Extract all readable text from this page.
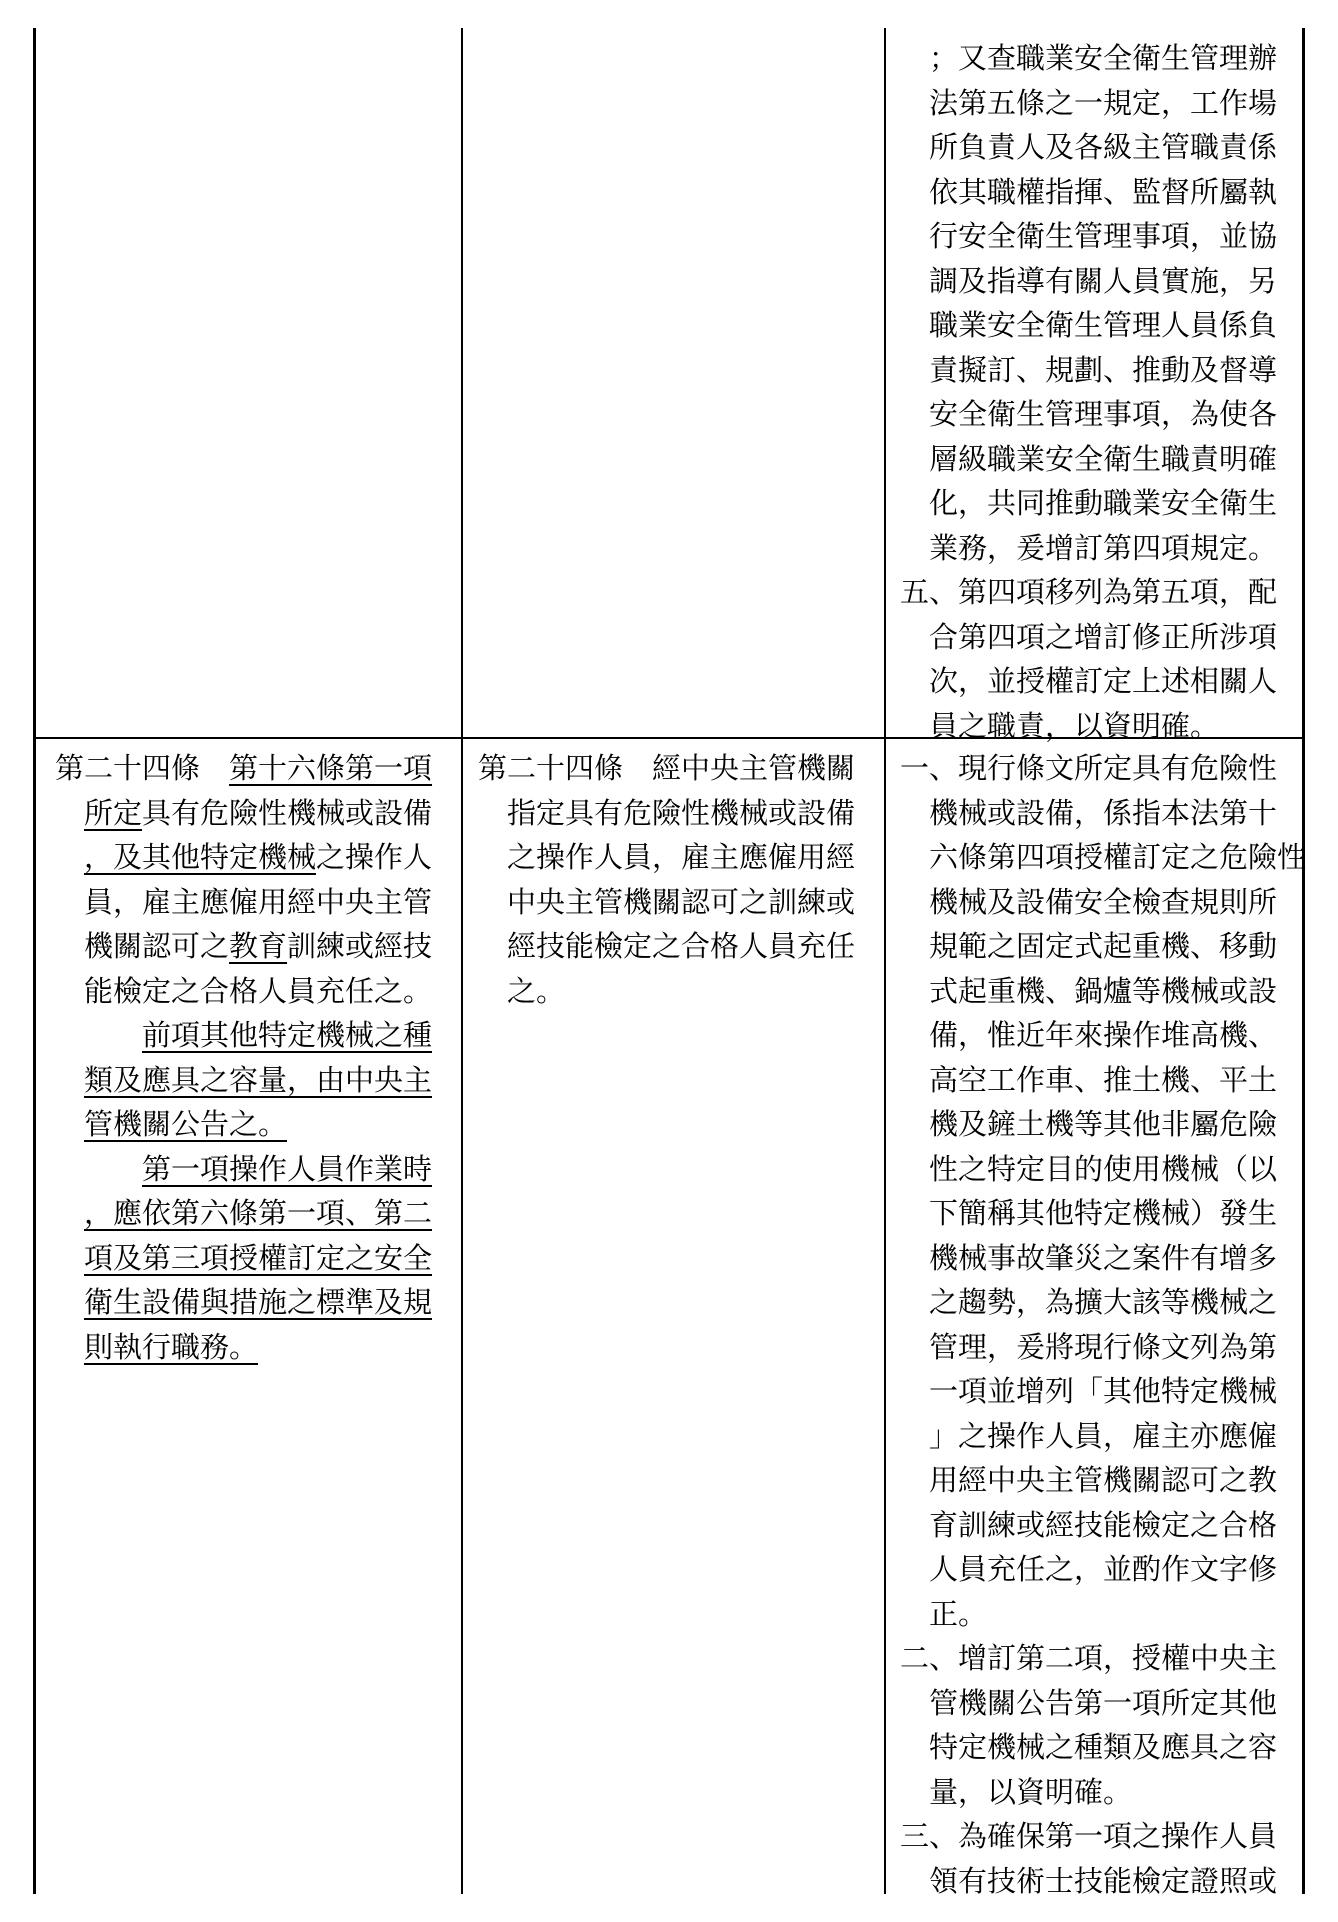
；又查職業安全衛生管理辦
法第五條之一規定，工作場
所負責人及各級主管職責係
依其職權指揮、監督所屬執
行安全衛生管理事項，並協
調及指導有關人員實施，另
職業安全衛生管理人員係負
責擬訂、規劃、推動及督導
安全衛生管理事項，為使各
層級職業安全衛生職責明確
化，共同推動職業安全衛生
業務，爰增訂第四項規定。
五、第四項移列為第五項，配
合第四項之增訂修正所涉項
次，並授權訂定上述相關人
員之職責，以資明確。
第二十四條　第十六條第一項
所定具有危險性機械或設備
，及其他特定機械之操作人
員，雇主應僱用經中央主管
機關認可之教育訓練或經技
能檢定之合格人員充任之。
前項其他特定機械之種
類及應具之容量，由中央主
管機關公告之。
第一項操作人員作業時
，應依第六條第一項、第二
項及第三項授權訂定之安全
衛生設備與措施之標準及規
則執行職務。
第二十四條　經中央主管機關
指定具有危險性機械或設備
之操作人員，雇主應僱用經
中央主管機關認可之訓練或
經技能檢定之合格人員充任
之。
一、現行條文所定具有危險性
機械或設備，係指本法第十
六條第四項授權訂定之危險性
機械及設備安全檢查規則所
規範之固定式起重機、移動
式起重機、鍋爐等機械或設
備，惟近年來操作堆高機、
高空工作車、推土機、平土
機及鏟土機等其他非屬危險
性之特定目的使用機械（以
下簡稱其他特定機械）發生
機械事故肇災之案件有增多
之趨勢，為擴大該等機械之
管理，爰將現行條文列為第
一項並增列「其他特定機械
」之操作人員，雇主亦應僱
用經中央主管機關認可之教
育訓練或經技能檢定之合格
人員充任之，並酌作文字修
正。
二、增訂第二項，授權中央主
管機關公告第一項所定其他
特定機械之種類及應具之容
量，以資明確。
三、為確保第一項之操作人員
領有技術士技能檢定證照或
